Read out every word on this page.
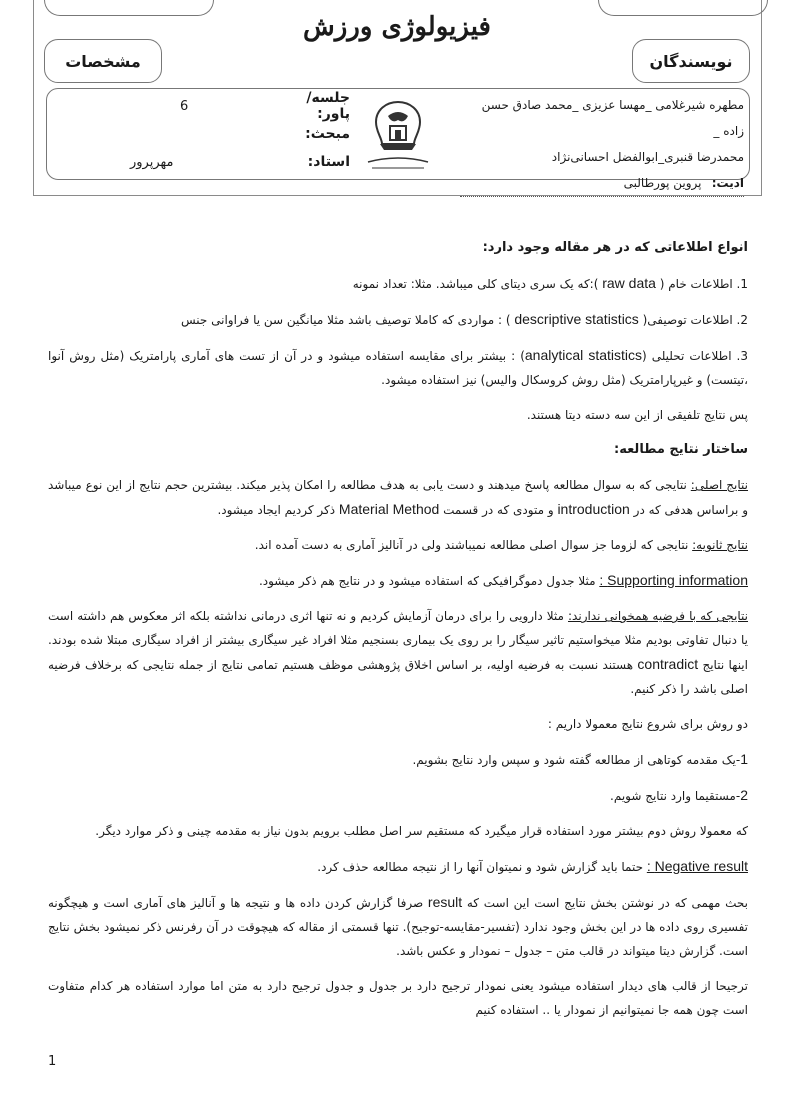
فیزیولوژی ورزش
نویسندگان
مشخصات
مطهره شیرغلامی _مهسا عزیزی _محمد صادق حسن زاده _
محمدرضا قنبری_ابوالفضل احسانی‌نژاد
ادیت: پروین پورطالبی
جلسه/پاور:
6
مبحث:
استاد:
مهرپرور

انواع اطلاعاتی که در هر مقاله وجود دارد:

1. اطلاعات خام ( raw data ):که یک سری دیتای کلی میباشد. مثلا: تعداد نمونه

2. اطلاعات توصیفی( descriptive statistics ) : مواردی که کاملا توصیف باشد مثلا میانگین سن یا فراوانی جنس

3. اطلاعات تحلیلی (analytical statistics) : بیشتر برای مقایسه استفاده میشود و در آن از تست های آماری پارامتریک (مثل روش آنوا ،تیتست) و غیرپارامتریک (مثل روش کروسکال والیس) نیز استفاده میشود.

پس نتایج تلفیقی از این سه دسته دیتا هستند.

ساختار نتایج مطالعه:

نتایج اصلی: نتایجی که به سوال مطالعه پاسخ میدهند و دست یابی به هدف مطالعه را امکان پذیر میکند. بیشترین حجم نتایج از این نوع میباشد و براساس هدفی که در introduction و متودی که در قسمت Material Method ذکر کردیم ایجاد میشود.

نتایج ثانویه: نتایجی که لزوما جز سوال اصلی مطالعه نمیباشند ولی در آنالیز آماری به دست آمده اند.

Supporting information : مثلا جدول دموگرافیکی که استفاده میشود و در نتایج هم ذکر میشود.

نتایجی که با فرضیه همخوانی ندارند: مثلا دارویی را برای درمان آزمایش کردیم و نه تنها اثری درمانی نداشته بلکه اثر معکوس هم داشته است یا دنبال تفاوتی بودیم مثلا میخواستیم تاثیر سیگار را بر روی یک بیماری بسنجیم مثلا افراد غیر سیگاری بیشتر از افراد سیگاری مبتلا شده بودند. اینها نتایج contradict هستند نسبت به فرضیه اولیه، بر اساس اخلاق پژوهشی موظف هستیم تمامی نتایج از جمله نتایجی که برخلاف فرضیه اصلی باشد را ذکر کنیم.

دو روش برای شروع نتایج معمولا داریم :

1-یک مقدمه کوتاهی از مطالعه گفته شود و سپس وارد نتایج بشویم.

2-مستقیما وارد نتایج شویم.

که معمولا روش دوم بیشتر مورد استفاده قرار میگیرد که مستقیم سر اصل مطلب برویم بدون نیاز به مقدمه چینی و ذکر موارد دیگر.

Negative result : حتما باید گزارش شود و نمیتوان آنها را از نتیجه مطالعه حذف کرد.

بحث مهمی که در نوشتن بخش نتایج است این است که result صرفا گزارش کردن داده ها و نتیجه ها و آنالیز های آماری است و هیچگونه تفسیری روی داده ها در این بخش وجود ندارد (تفسیر-مقایسه-توجیح). تنها قسمتی از مقاله که هیچوقت در آن رفرنس ذکر نمیشود بخش نتایج است. گزارش دیتا میتواند در قالب متن – جدول – نمودار و عکس باشد.

ترجیحا از قالب های دیدار استفاده میشود یعنی نمودار ترجیح دارد بر جدول و جدول ترجیح دارد به متن اما موارد استفاده هر کدام متفاوت است چون همه جا نمیتوانیم از نمودار یا .. استفاده کنیم

1
